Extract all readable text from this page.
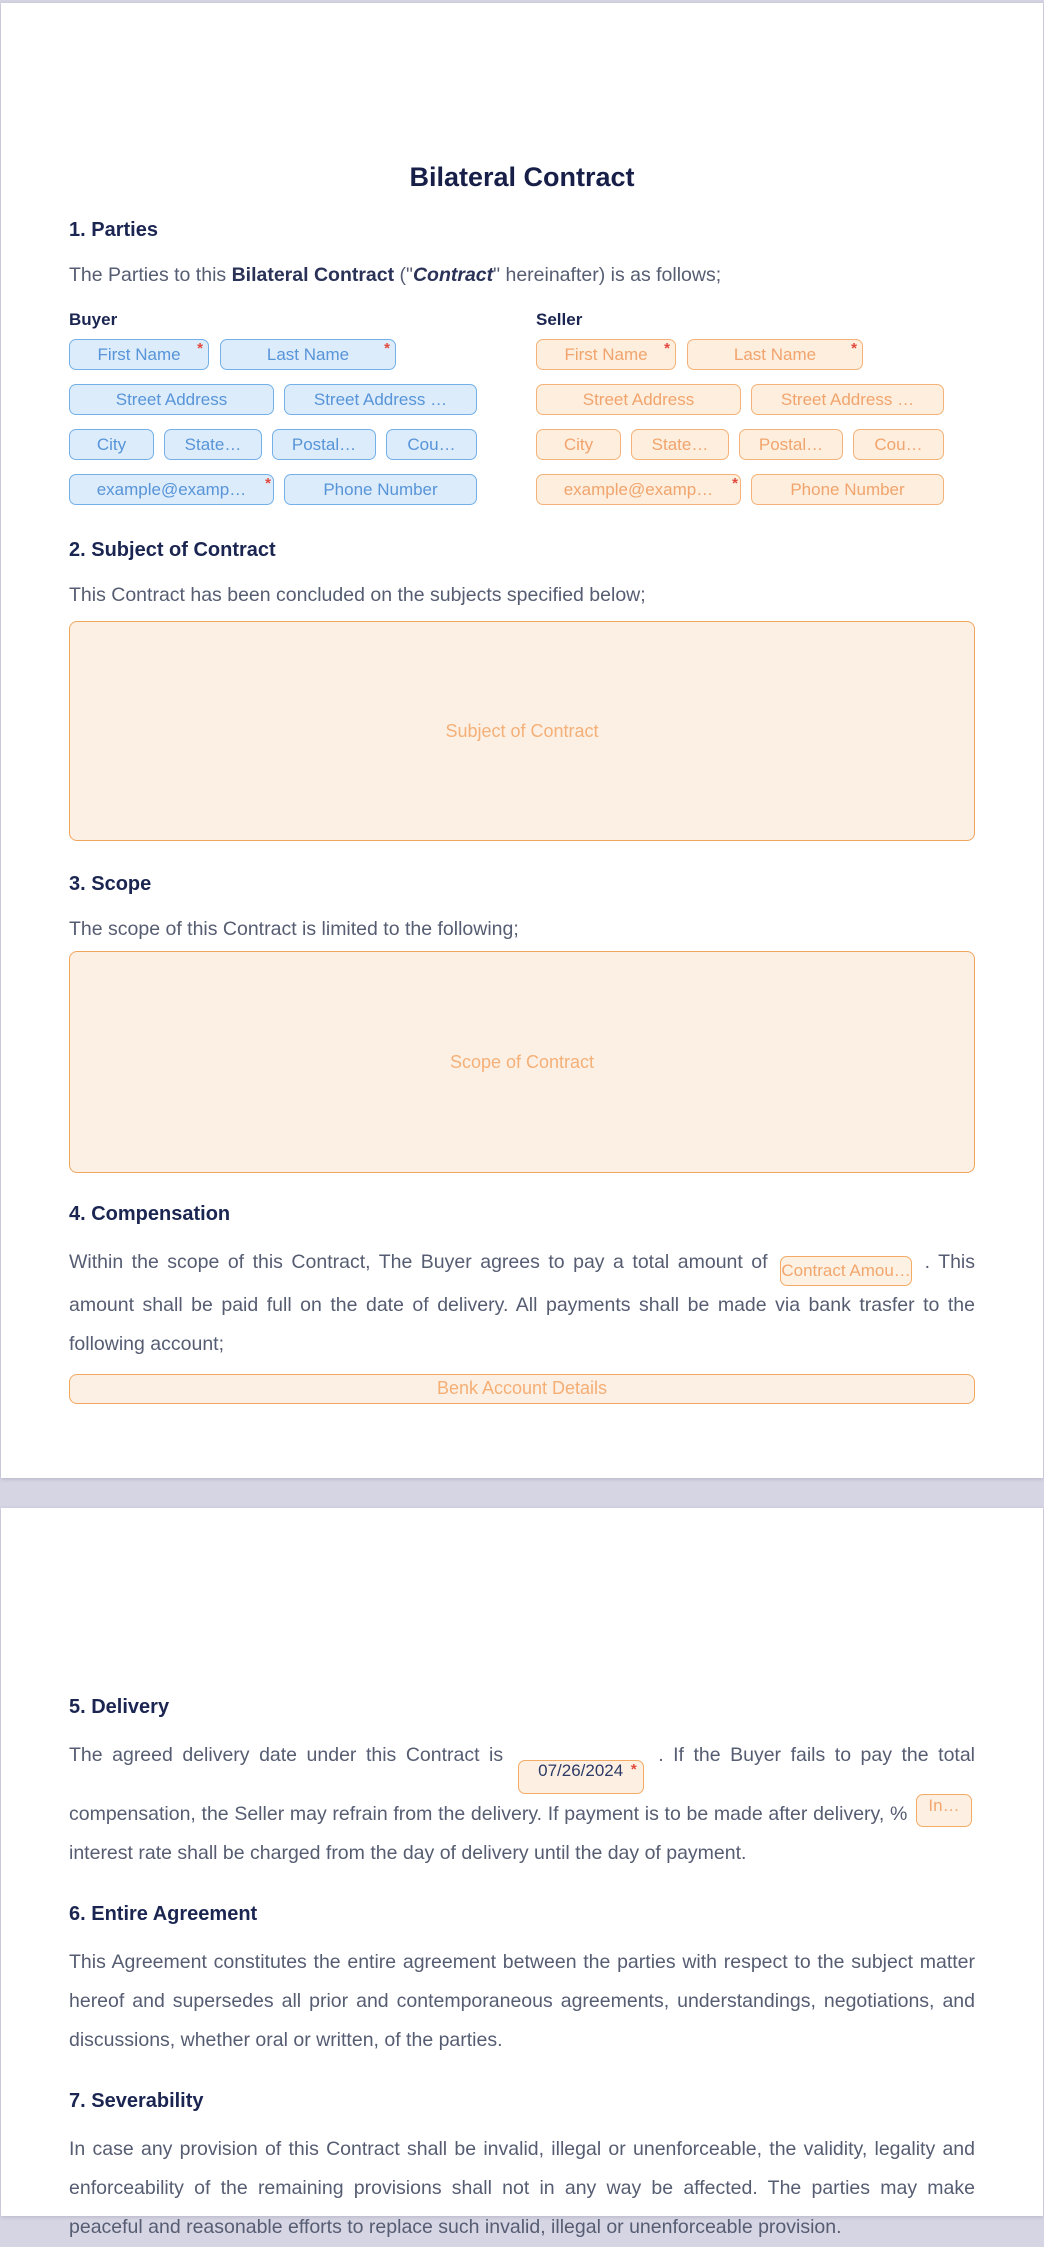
Bilateral Contract
1. Parties

The Parties to this Bilateral Contract ("Contract" hereinafter) is as follows;

Buyer
First Name *	Last Name *
Street Address	Street Address …
City	State…	Postal…	Cou…
example@examp… *	Phone Number
Seller
First Name *	Last Name *
Street Address	Street Address …
City	State…	Postal…	Cou…
example@examp… *	Phone Number
2. Subject of Contract

This Contract has been concluded on the subjects specified below;

Subject of Contract
3. Scope

The scope of this Contract is limited to the following;

Scope of Contract
4. Compensation

Within the scope of this Contract, The Buyer agrees to pay a total amount of Contract Amou… . This amount shall be paid full on the date of delivery. All payments shall be made via bank trasfer to the following account;

Benk Account Details
5. Delivery

The agreed delivery date under this Contract is
07/26/2024 *
. If the Buyer fails to pay the total compensation, the Seller may refrain from the delivery. If payment is to be made after delivery, % In… interest rate shall be charged from the day of delivery until the day of payment.

6. Entire Agreement

This Agreement constitutes the entire agreement between the parties with respect to the subject matter hereof and supersedes all prior and contemporaneous agreements, understandings, negotiations, and discussions, whether oral or written, of the parties.

7. Severability

In case any provision of this Contract shall be invalid, illegal or unenforceable, the validity, legality and enforceability of the remaining provisions shall not in any way be affected. The parties may make peaceful and reasonable efforts to replace such invalid, illegal or unenforceable provision.
